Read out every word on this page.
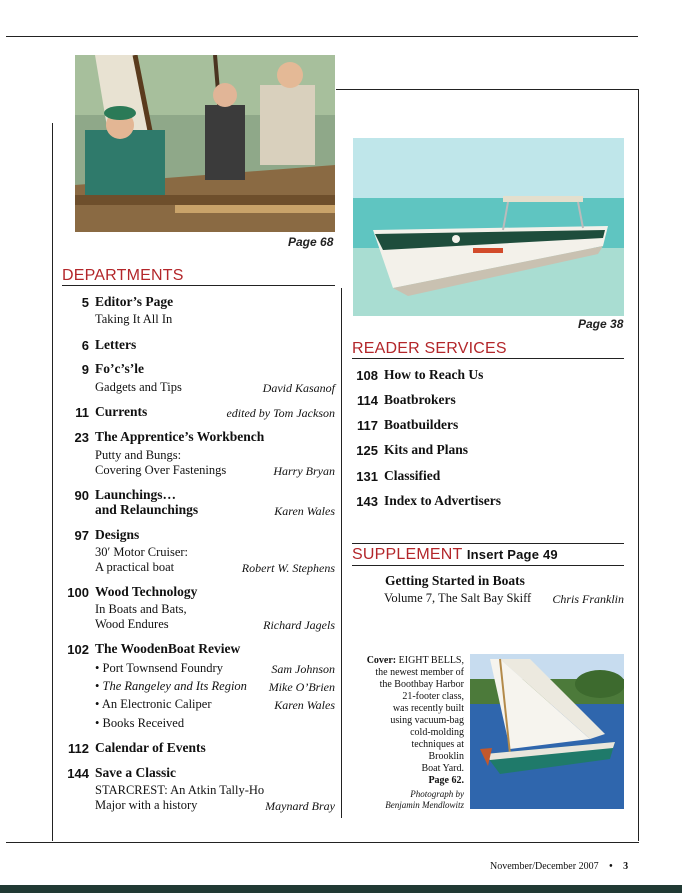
Page 68
Page 38
DEPARTMENTS
5 Editor’s Page
Taking It All In
6 Letters
9 Fo’c’s’le
Gadgets and Tips	David Kasanof
11 Currents	edited by Tom Jackson
23 The Apprentice’s Workbench
Putty and Bungs:
Covering Over Fastenings	Harry Bryan
90 Launchings…
and Relaunchings	Karen Wales
97 Designs
30′ Motor Cruiser:
A practical boat	Robert W. Stephens
100 Wood Technology
In Boats and Bats,
Wood Endures	Richard Jagels
102 The WoodenBoat Review
• Port Townsend Foundry	Sam Johnson
• The Rangeley and Its Region	Mike O’Brien
• An Electronic Caliper	Karen Wales
• Books Received
112 Calendar of Events
144 Save a Classic
STARCREST: An Atkin Tally-Ho
Major with a history	Maynard Bray
READER SERVICES
108 How to Reach Us
114 Boatbrokers
117 Boatbuilders
125 Kits and Plans
131 Classified
143 Index to Advertisers
SUPPLEMENT Insert Page 49
Getting Started in Boats
Volume 7, The Salt Bay Skiff	Chris Franklin
Cover: EIGHT BELLS,
the newest member of
the Boothbay Harbor
21-footer class,
was recently built
using vacuum-bag
cold-molding
techniques at
Brooklin
Boat Yard.
Page 62.
Photograph by
Benjamin Mendlowitz
November/December 2007 • 3
